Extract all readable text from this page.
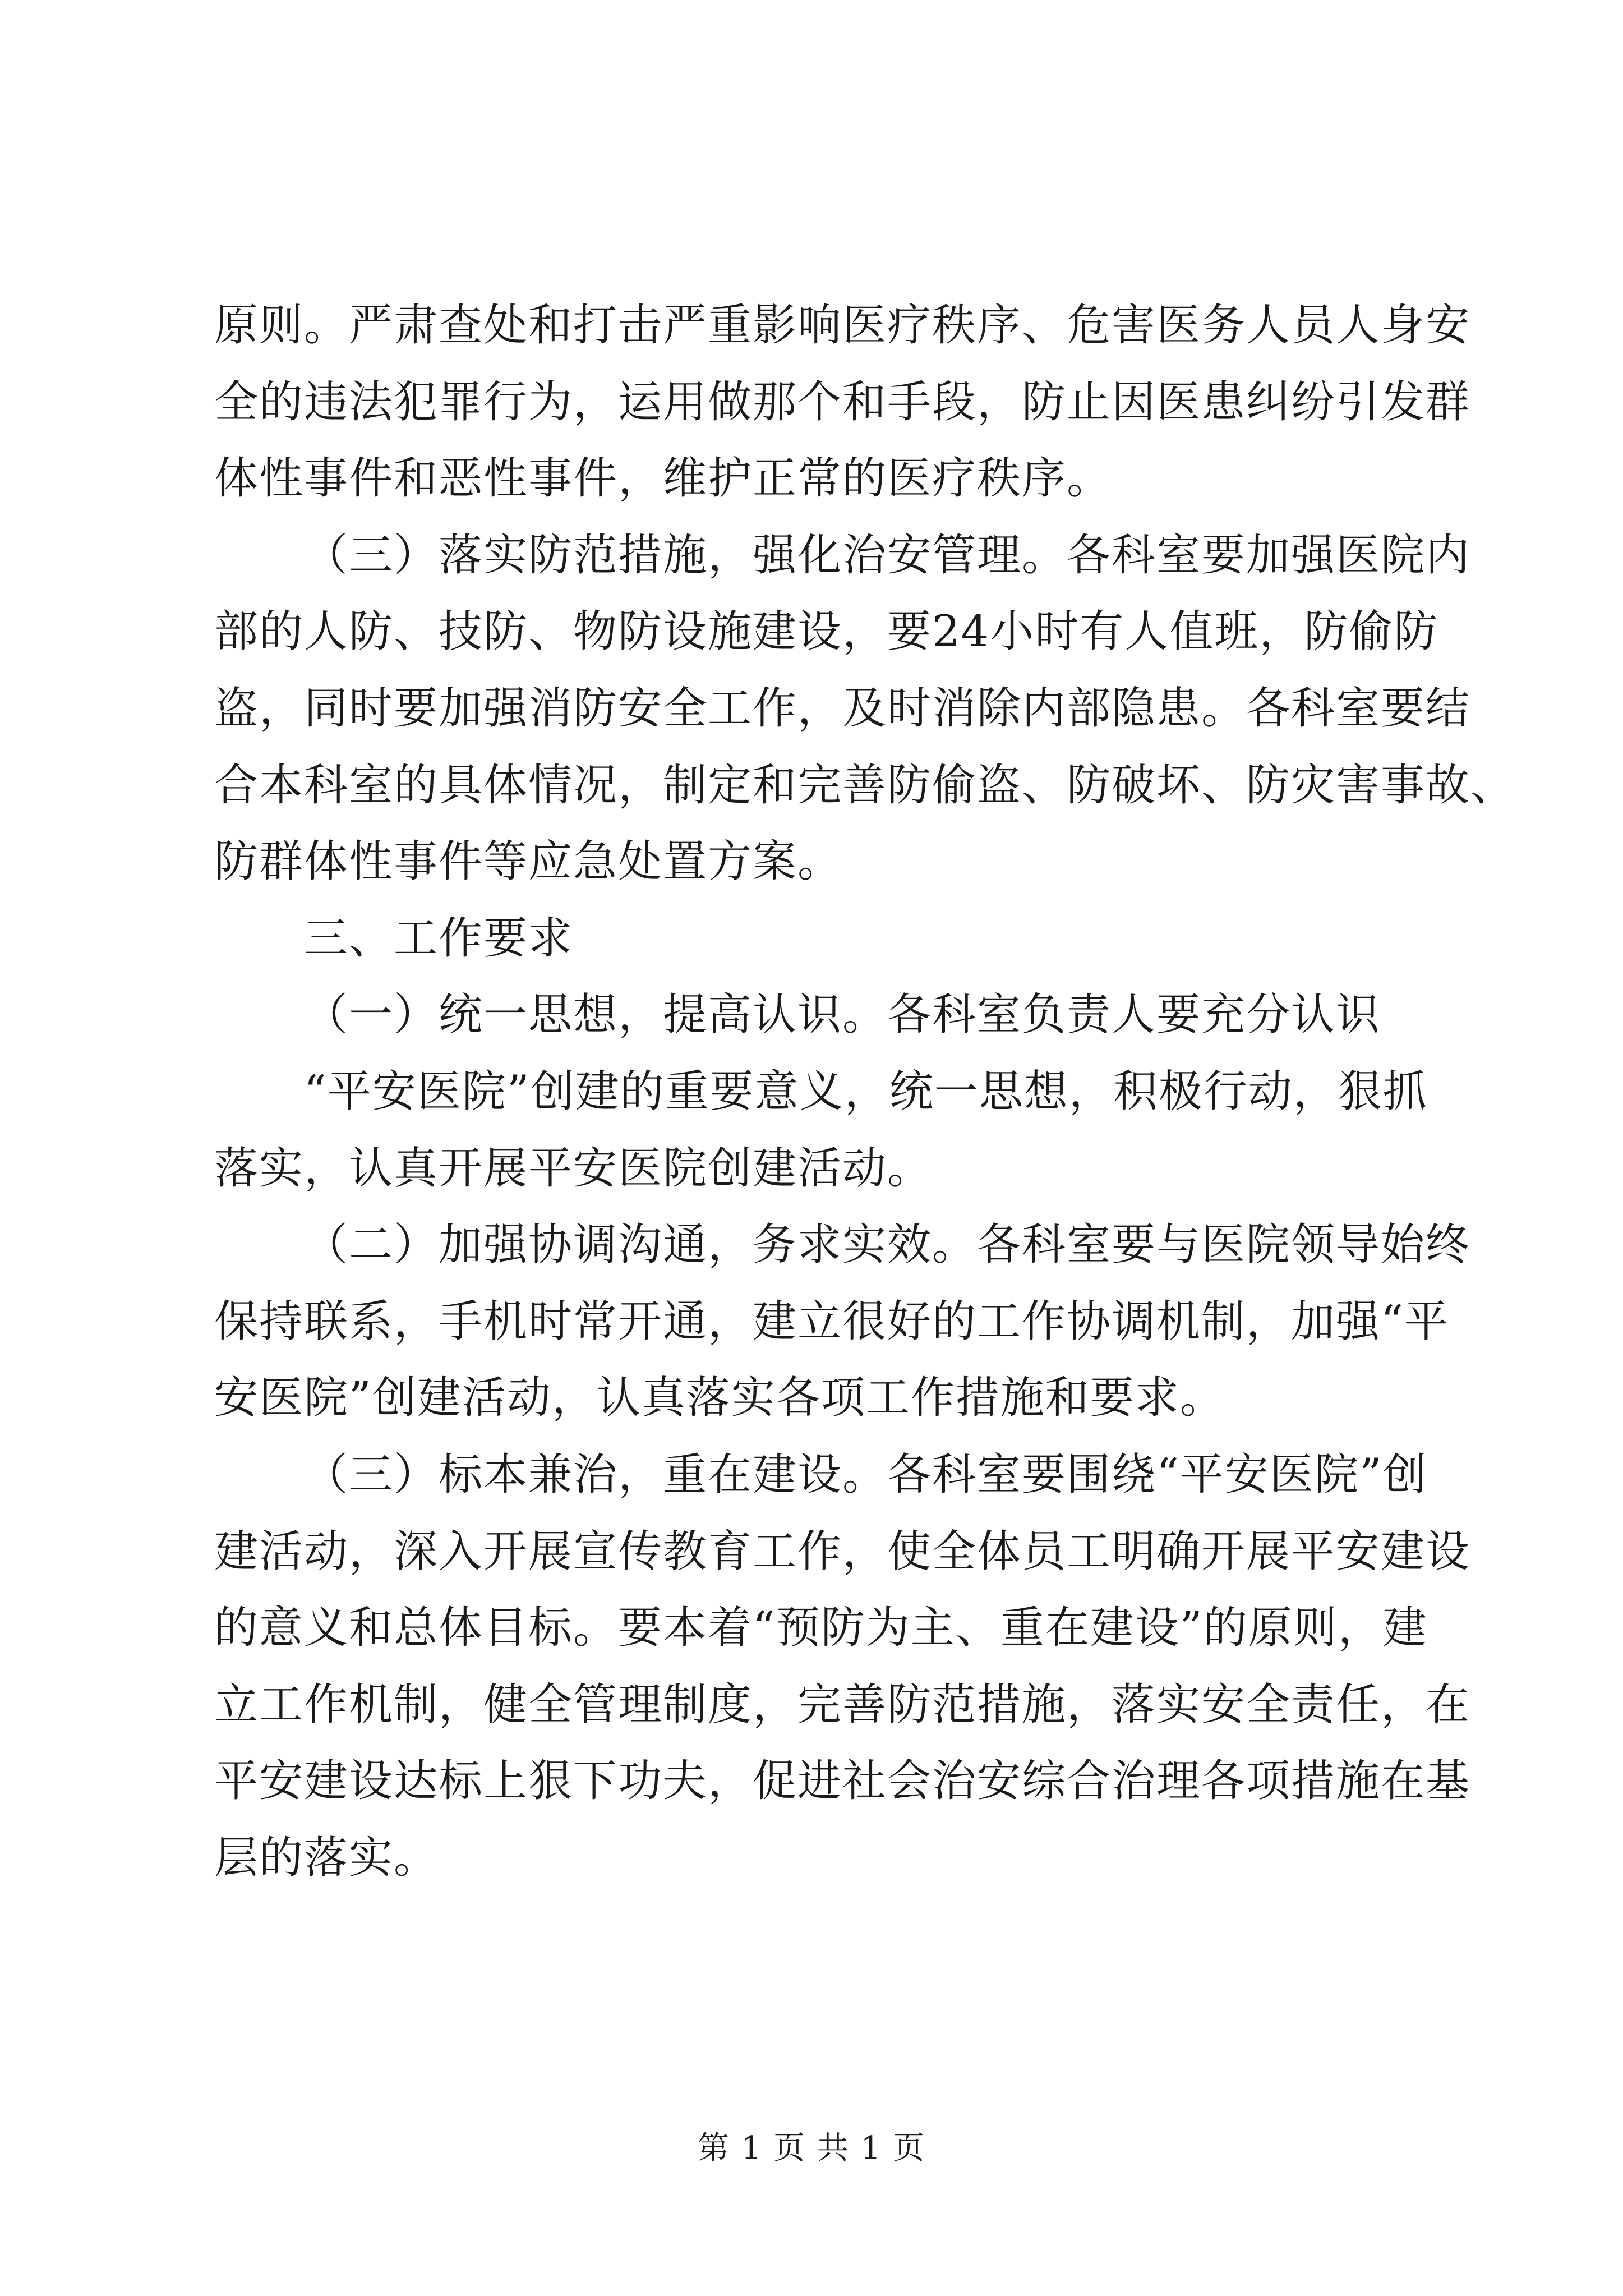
原则。严肃查处和打击严重影响医疗秩序、危害医务人员人身安
全的违法犯罪行为，运用做那个和手段，防止因医患纠纷引发群
体性事件和恶性事件，维护正常的医疗秩序。
（三）落实防范措施，强化治安管理。各科室要加强医院内
部的人防、技防、物防设施建设，要24小时有人值班，防偷防
盗，同时要加强消防安全工作，及时消除内部隐患。各科室要结
合本科室的具体情况，制定和完善防偷盗、防破坏、防灾害事故、
防群体性事件等应急处置方案。
三、工作要求
（一）统一思想，提高认识。各科室负责人要充分认识
“平安医院”创建的重要意义，统一思想，积极行动，狠抓
落实，认真开展平安医院创建活动。
（二）加强协调沟通，务求实效。各科室要与医院领导始终
保持联系，手机时常开通，建立很好的工作协调机制，加强“平
安医院”创建活动，认真落实各项工作措施和要求。
（三）标本兼治，重在建设。各科室要围绕“平安医院”创
建活动，深入开展宣传教育工作，使全体员工明确开展平安建设
的意义和总体目标。要本着“预防为主、重在建设”的原则，建
立工作机制，健全管理制度，完善防范措施，落实安全责任，在
平安建设达标上狠下功夫，促进社会治安综合治理各项措施在基
层的落实。
第 1 页 共 1 页
